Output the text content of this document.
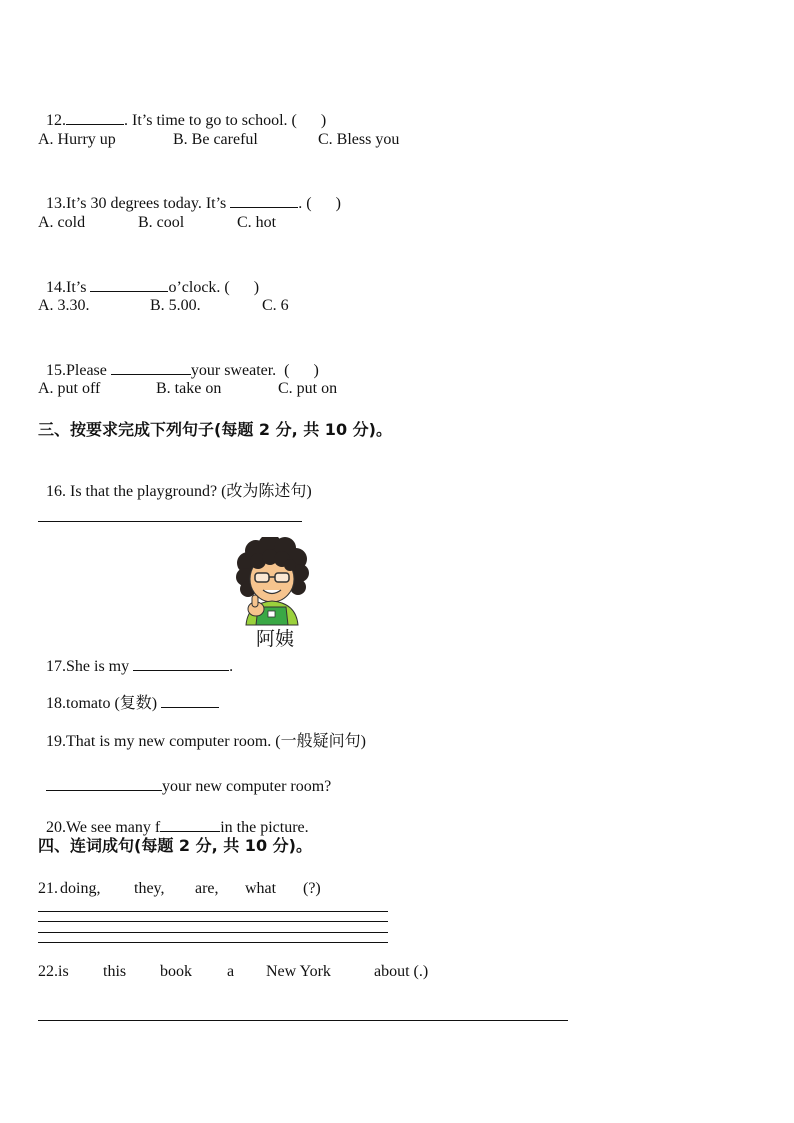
12.	. It’s time to go to school. (      )

A. Hurry up	B. Be careful	C. Bless you

13.It’s 30 degrees today. It’s	. (      )

A. cold	B. cool	C. hot

14.It’s	o’clock. (      )

A. 3.30.	B. 5.00.	C. 6

15.Please	your sweater.  (      )

A. put off	B. take on	C. put on
三、按要求完成下列句子(每题 2 分, 共 10 分)。

16. Is that the playground? (改为陈述句)

阿姨

17.She is my	.

18.tomato (复数)

19.That is my new computer room. (一般疑问句)

your new computer room?

20.We see many f	in the picture.

四、连词成句(每题 2 分, 共 10 分)。
21. doing, they, are, what (?)
22. is this book a New York	about (.)
